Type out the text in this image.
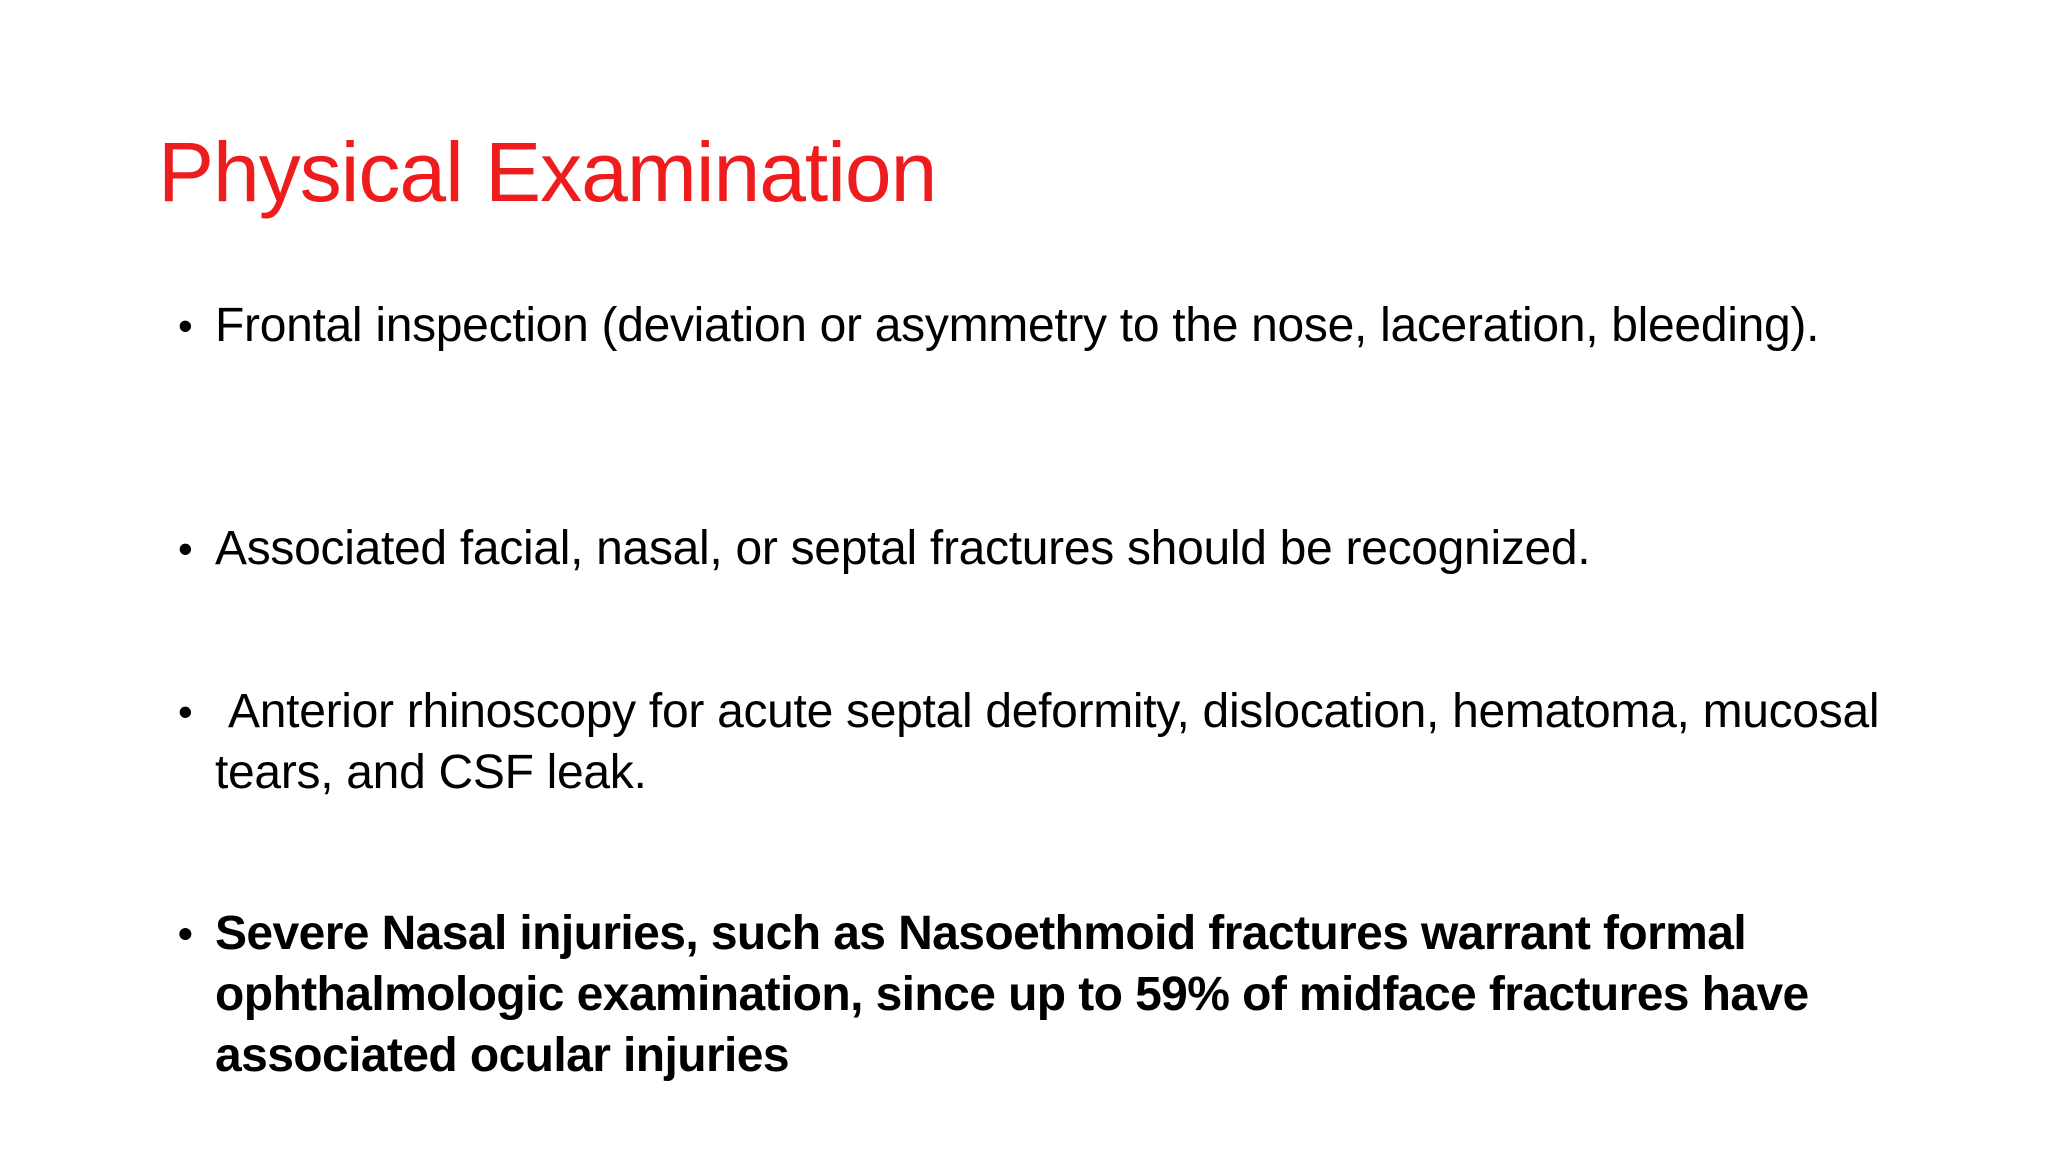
Physical Examination
• Frontal inspection (deviation or asymmetry to the nose, laceration, bleeding).
• Associated facial, nasal, or septal fractures should be recognized.
• Anterior rhinoscopy for acute septal deformity, dislocation, hematoma, mucosal tears, and CSF leak.
• Severe Nasal injuries, such as Nasoethmoid fractures warrant formal ophthalmologic examination, since up to 59% of midface fractures have associated ocular injuries
